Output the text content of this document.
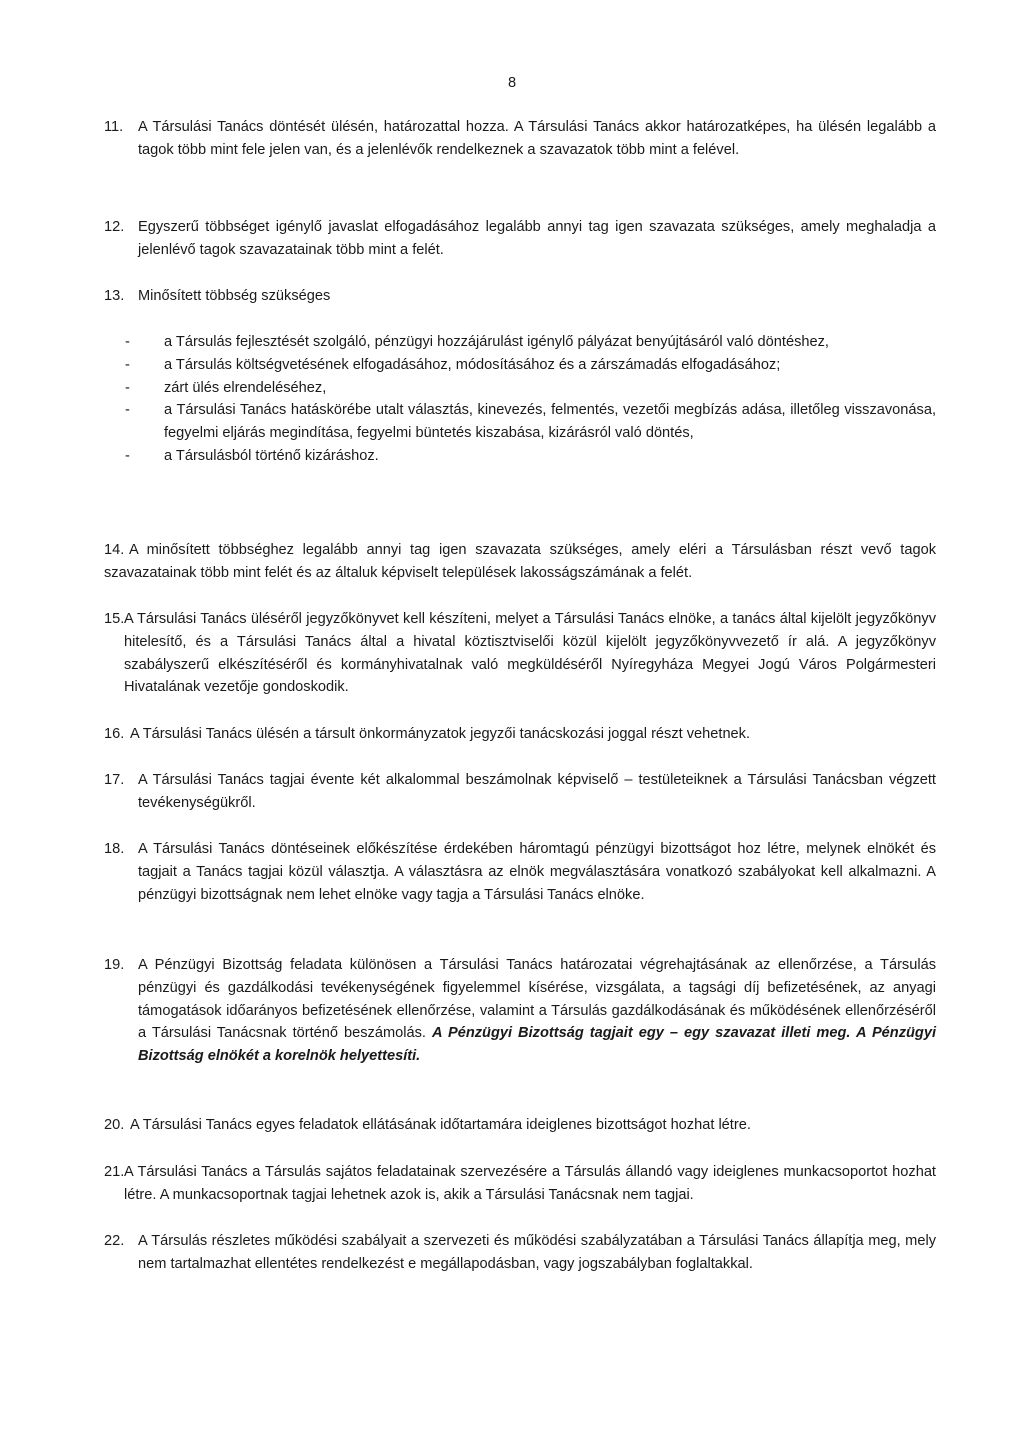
8
11. A Társulási Tanács döntését ülésén, határozattal hozza. A Társulási Tanács akkor határozatképes, ha ülésén legalább a tagok több mint fele jelen van, és a jelenlévők rendelkeznek a szavazatok több mint a felével.
12. Egyszerű többséget igénylő javaslat elfogadásához legalább annyi tag igen szavazata szükséges, amely meghaladja a jelenlévő tagok szavazatainak több mint a felét.
13. Minősített többség szükséges
- a Társulás fejlesztését szolgáló, pénzügyi hozzájárulást igénylő pályázat benyújtásáról való döntéshez,
- a Társulás költségvetésének elfogadásához, módosításához és a zárszámadás elfogadásához;
- zárt ülés elrendeléséhez,
- a Társulási Tanács hatáskörébe utalt választás, kinevezés, felmentés, vezetői megbízás adása, illetőleg visszavonása, fegyelmi eljárás megindítása, fegyelmi büntetés kiszabása, kizárásról való döntés,
- a Társulásból történő kizáráshoz.
14. A minősített többséghez legalább annyi tag igen szavazata szükséges, amely eléri a Társulásban részt vevő tagok szavazatainak több mint felét és az általuk képviselt települések lakosságszámának a felét.
15. A Társulási Tanács üléséről jegyzőkönyvet kell készíteni, melyet a Társulási Tanács elnöke, a tanács által kijelölt jegyzőkönyv hitelesítő, és a Társulási Tanács által a hivatal köztisztviselői közül kijelölt jegyzőkönyvvezető ír alá. A jegyzőkönyv szabályszerű elkészítéséről és kormányhivatalnak való megküldéséről Nyíregyháza Megyei Jogú Város Polgármesteri Hivatalának vezetője gondoskodik.
16. A Társulási Tanács ülésén a társult önkormányzatok jegyzői tanácskozási joggal részt vehetnek.
17. A Társulási Tanács tagjai évente két alkalommal beszámolnak képviselő – testületeiknek a Társulási Tanácsban végzett tevékenységükről.
18. A Társulási Tanács döntéseinek előkészítése érdekében háromtagú pénzügyi bizottságot hoz létre, melynek elnökét és tagjait a Tanács tagjai közül választja. A választásra az elnök megválasztására vonatkozó szabályokat kell alkalmazni. A pénzügyi bizottságnak nem lehet elnöke vagy tagja a Társulási Tanács elnöke.
19. A Pénzügyi Bizottság feladata különösen a Társulási Tanács határozatai végrehajtásának az ellenőrzése, a Társulás pénzügyi és gazdálkodási tevékenységének figyelemmel kísérése, vizsgálata, a tagsági díj befizetésének, az anyagi támogatások időarányos befizetésének ellenőrzése, valamint a Társulás gazdálkodásának és működésének ellenőrzéséről a Társulási Tanácsnak történő beszámolás. A Pénzügyi Bizottság tagjait egy – egy szavazat illeti meg. A Pénzügyi Bizottság elnökét a korelnök helyettesíti.
20. A Társulási Tanács egyes feladatok ellátásának időtartamára ideiglenes bizottságot hozhat létre.
21. A Társulási Tanács a Társulás sajátos feladatainak szervezésére a Társulás állandó vagy ideiglenes munkacsoportot hozhat létre. A munkacsoportnak tagjai lehetnek azok is, akik a Társulási Tanácsnak nem tagjai.
22. A Társulás részletes működési szabályait a szervezeti és működési szabályzatában a Társulási Tanács állapítja meg, mely nem tartalmazhat ellentétes rendelkezést e megállapodásban, vagy jogszabályban foglaltakkal.
